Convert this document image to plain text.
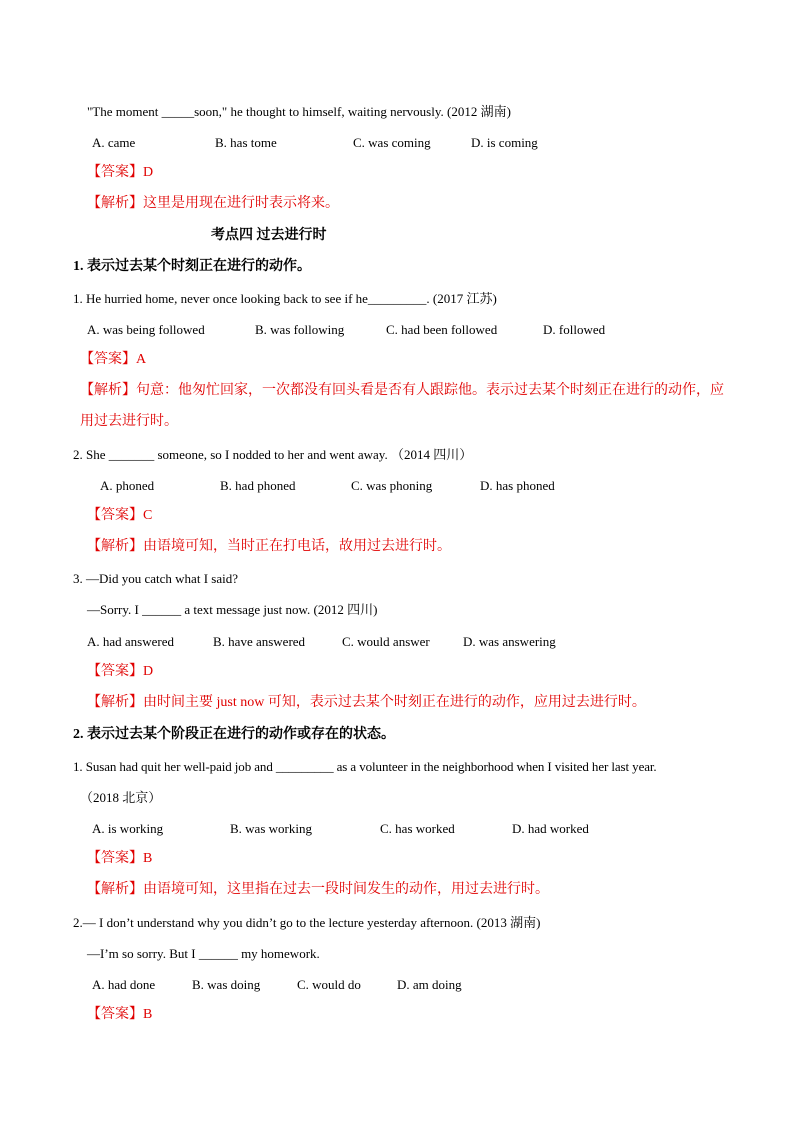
"The moment _____soon," he thought to himself, waiting nervously. (2012 湖南)
A. came	B. has tome	C. was coming	D. is coming
【答案】D
【解析】这里是用现在进行时表示将来。
考点四 过去进行时
1. 表示过去某个时刻正在进行的动作。
1. He hurried home, never once looking back to see if he_________. (2017 江苏)
A. was being followed	B. was following	C. had been followed	D. followed
【答案】A
【解析】句意：他匆忙回家，一次都没有回头看是否有人跟踪他。表示过去某个时刻正在进行的动作，应
用过去进行时。
2. She _______ someone, so I nodded to her and went away. （2014 四川）
A. phoned	B. had phoned	C. was phoning	D. has phoned
【答案】C
【解析】由语境可知，当时正在打电话，故用过去进行时。
3. —Did you catch what I said?
—Sorry. I ______ a text message just now. (2012 四川)
A. had answered	B. have answered	C. would answer	D. was answering
【答案】D
【解析】由时间主要 just now 可知，表示过去某个时刻正在进行的动作，应用过去进行时。
2. 表示过去某个阶段正在进行的动作或存在的状态。
1. Susan had quit her well-paid job and _________ as a volunteer in the neighborhood when I visited her last year.
（2018 北京）
A. is working	B. was working	C. has worked	D. had worked
【答案】B
【解析】由语境可知，这里指在过去一段时间发生的动作，用过去进行时。
2.— I don’t understand why you didn’t go to the lecture yesterday afternoon. (2013 湖南)
—I’m so sorry. But I ______ my homework.
A. had done	B. was doing	C. would do	D. am doing
【答案】B
